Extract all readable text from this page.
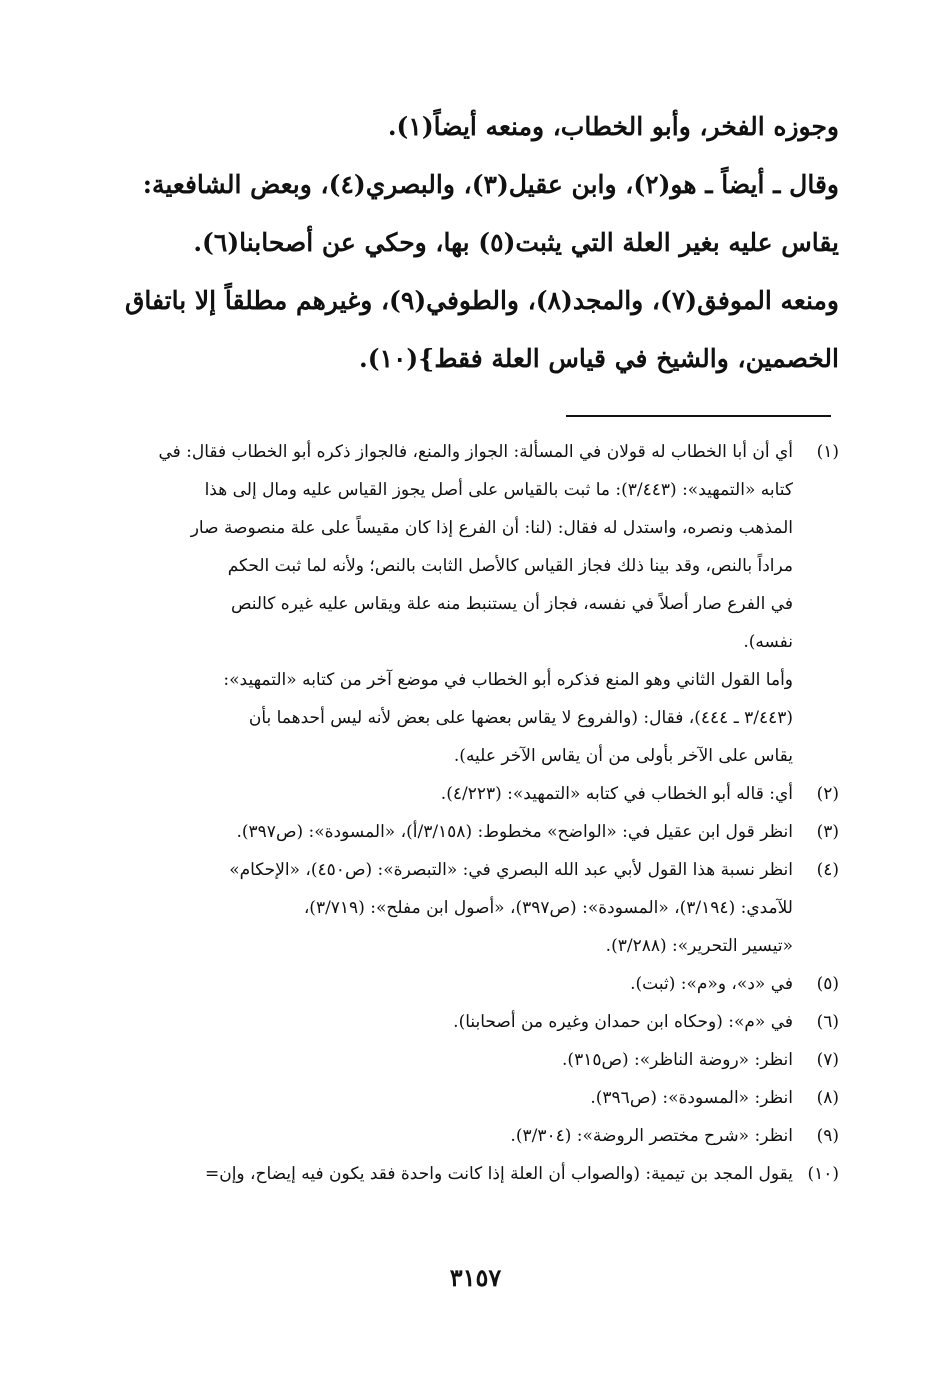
وجوزه الفخر، وأبو الخطاب، ومنعه أيضاً(١).
وقال ـ أيضاً ـ هو(٢)، وابن عقيل(٣)، والبصري(٤)، وبعض الشافعية:
يقاس عليه بغير العلة التي يثبت(٥) بها، وحكي عن أصحابنا(٦).
ومنعه الموفق(٧)، والمجد(٨)، والطوفي(٩)، وغيرهم مطلقاً إلا باتفاق
الخصمين، والشيخ في قياس العلة فقط}(١٠).
(١)
أي أن أبا الخطاب له قولان في المسألة: الجواز والمنع، فالجواز ذكره أبو الخطاب فقال: في
كتابه «التمهيد»: (٣/٤٤٣): ما ثبت بالقياس على أصل يجوز القياس عليه ومال إلى هذا
المذهب ونصره، واستدل له فقال: (لنا: أن الفرع إذا كان مقيساً على علة منصوصة صار
مراداً بالنص، وقد بينا ذلك فجاز القياس كالأصل الثابت بالنص؛ ولأنه لما ثبت الحكم
في الفرع صار أصلاً في نفسه، فجاز أن يستنبط منه علة ويقاس عليه غيره كالنص
نفسه).
وأما القول الثاني وهو المنع فذكره أبو الخطاب في موضع آخر من كتابه «التمهيد»:
(٣/٤٤٣ ـ ٤٤٤)، فقال: (والفروع لا يقاس بعضها على بعض لأنه ليس أحدهما بأن
يقاس على الآخر بأولى من أن يقاس الآخر عليه).
(٢)
أي: قاله أبو الخطاب في كتابه «التمهيد»: (٤/٢٢٣).
(٣)
انظر قول ابن عقيل في: «الواضح» مخطوط: (٣/١٥٨/أ)، «المسودة»: (ص٣٩٧).
(٤)
انظر نسبة هذا القول لأبي عبد الله البصري في: «التبصرة»: (ص٤٥٠)، «الإحكام»
للآمدي: (٣/١٩٤)، «المسودة»: (ص٣٩٧)، «أصول ابن مفلح»: (٣/٧١٩)،
«تيسير التحرير»: (٣/٢٨٨).
(٥)
في «د»، و«م»: (ثبت).
(٦)
في «م»: (وحكاه ابن حمدان وغيره من أصحابنا).
(٧)
انظر: «روضة الناظر»: (ص٣١٥).
(٨)
انظر: «المسودة»: (ص٣٩٦).
(٩)
انظر: «شرح مختصر الروضة»: (٣/٣٠٤).
(١٠)
يقول المجد بن تيمية: (والصواب أن العلة إذا كانت واحدة فقد يكون فيه إيضاح، وإن=
٣١٥٧
